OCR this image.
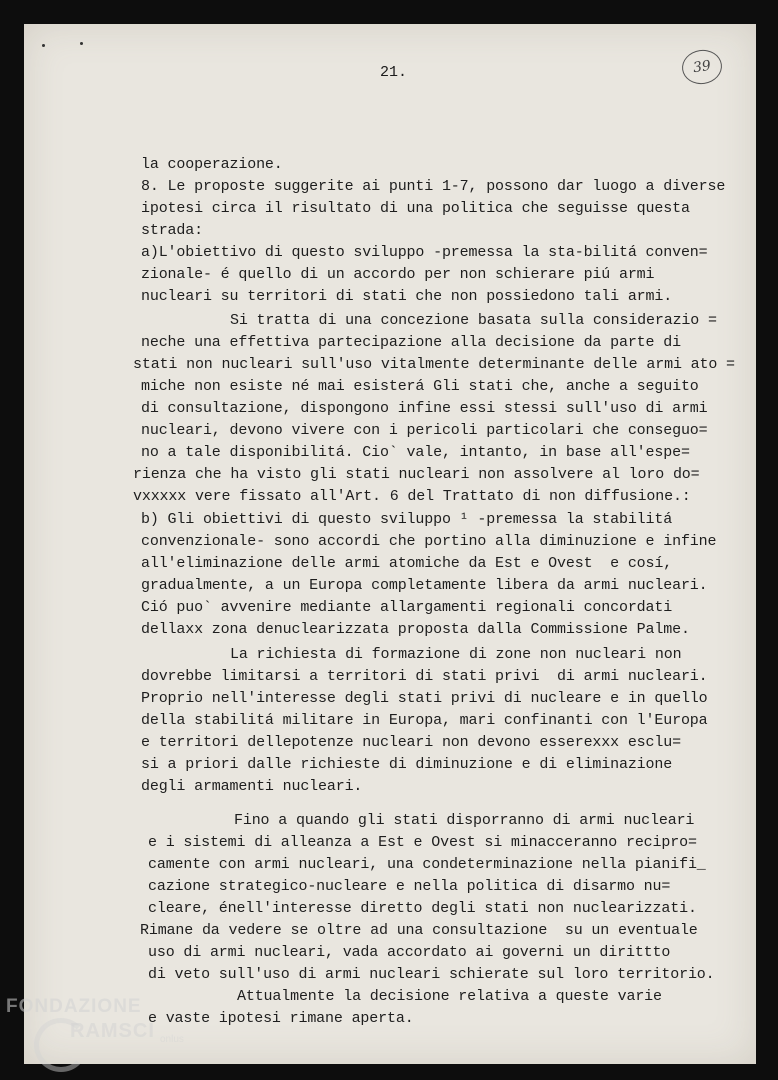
21.	39
la cooperazione.
8. Le proposte suggerite ai punti 1-7, possono dar luogo a diverse
ipotesi circa il risultato di una politica che seguisse questa
strada:
a)L'obiettivo di questo sviluppo -premessa la sta-bilitá conven=
zionale- é quello di un accordo per non schierare piú armi
nucleari su territori di stati che non possiedono tali armi.
Si tratta di una concezione basata sulla considerazio =
neche una effettiva partecipazione alla decisione da parte di
stati non nucleari sull'uso vitalmente determinante delle armi ato =
miche non esiste né mai esisterá Gli stati che, anche a seguito
di consultazione, dispongono infine essi stessi sull'uso di armi
nucleari, devono vivere con i pericoli particolari che conseguo=
no a tale disponibilitá. Cio` vale, intanto, in base all'espe=
rienza che ha visto gli stati nucleari non assolvere al loro do=
vxxxxx vere fissato all'Art. 6 del Trattato di non diffusione.:
b) Gli obiettivi di questo sviluppo ¹ -premessa la stabilitá
convenzionale- sono accordi che portino alla diminuzione e infine
all'eliminazione delle armi atomiche da Est e Ovest  e cosí,
gradualmente, a un Europa completamente libera da armi nucleari.
Ció puo` avvenire mediante allargamenti regionali concordati
dellaxx zona denuclearizzata proposta dalla Commissione Palme.
La richiesta di formazione di zone non nucleari non
dovrebbe limitarsi a territori di stati privi  di armi nucleari.
Proprio nell'interesse degli stati privi di nucleare e in quello
della stabilitá militare in Europa, mari confinanti con l'Europa
e territori dellepotenze nucleari non devono esserexxx esclu=
si a priori dalle richieste di diminuzione e di eliminazione
degli armamenti nucleari.
Fino a quando gli stati disporranno di armi nucleari
e i sistemi di alleanza a Est e Ovest si minacceranno recipro=
camente con armi nucleari, una condeterminazione nella pianifi_
cazione strategico-nucleare e nella politica di disarmo nu=
cleare, énell'interesse diretto degli stati non nuclearizzati.
Rimane da vedere se oltre ad una consultazione  su un eventuale
uso di armi nucleari, vada accordato ai governi un dirittto
di veto sull'uso di armi nucleari schierate sul loro territorio.
Attualmente la decisione relativa a queste varie
e vaste ipotesi rimane aperta.
FONDAZIONE
RAMSCI onlus
